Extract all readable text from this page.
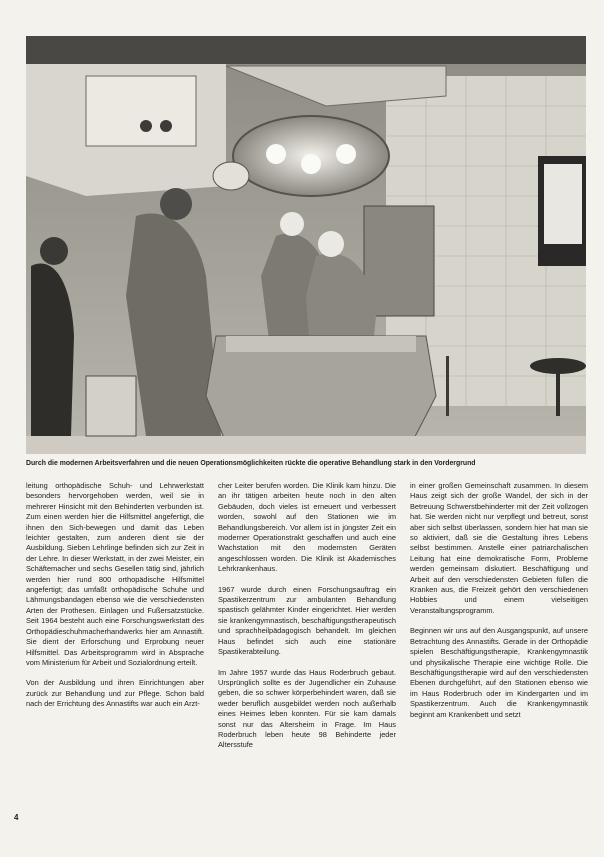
Durch die modernen Arbeitsverfahren und die neuen Operationsmöglichkeiten rückte die operative Behandlung stark in den Vordergrund

leitung orthopädische Schuh- und Lehrwerkstatt besonders hervorgehoben werden, weil sie in mehrerer Hinsicht mit den Behinderten verbunden ist. Zum einen werden hier die Hilfsmittel angefertigt, die ihnen den Sich-bewegen und damit das Leben leichter gestalten, zum anderen dient sie der Ausbildung. Sieben Lehrlinge befinden sich zur Zeit in der Lehre. In dieser Werkstatt, in der zwei Meister, ein Schäftemacher und sechs Gesellen tätig sind, jährlich werden hier rund 800 orthopädische Hilfsmittel angefertigt; das umfaßt orthopädische Schuhe und Lähmungsbandagen ebenso wie die verschiedensten Arten der Prothesen. Einlagen und Fußersatzstücke. Seit 1964 besteht auch eine Forschungswerkstatt des Orthopädieschuhmacherhandwerks hier am Annastift. Sie dient der Erforschung und Erprobung neuer Hilfsmittel. Das Arbeitsprogramm wird in Absprache vom Ministerium für Arbeit und Sozialordnung erteilt.

Von der Ausbildung und ihren Einrichtungen aber zurück zur Behandlung und zur Pflege. Schon bald nach der Errichtung des Annastifts war auch ein Arzt-

cher Leiter berufen worden. Die Klinik kam hinzu. Die an ihr tätigen arbeiten heute noch in den alten Gebäuden, doch vieles ist erneuert und verbessert worden, sowohl auf den Stationen wie im Behandlungsbereich. Vor allem ist in jüngster Zeit ein moderner Operationstrakt geschaffen und auch eine Wachstation mit den modernsten Geräten angeschlossen worden. Die Klinik ist Akademisches Lehrkrankenhaus.

1967 wurde durch einen Forschungsauftrag ein Spastikerzentrum zur ambulanten Behandlung spastisch gelähmter Kinder eingerichtet. Hier werden sie krankengymnastisch, beschäftigungstherapeutisch und sprachheilpädagogisch behandelt. Im gleichen Haus befindet sich auch eine stationäre Spastikerabteilung.

Im Jahre 1957 wurde das Haus Roderbruch gebaut. Ursprünglich sollte es der Jugendlicher ein Zuhause geben, die so schwer körperbehindert waren, daß sie weder beruflich ausgebildet werden noch außerhalb eines Heimes leben konnten. Für sie kam damals sonst nur das Altersheim in Frage. Im Haus Roderbruch leben heute 98 Behinderte jeder Altersstufe

in einer großen Gemeinschaft zusammen. In diesem Haus zeigt sich der große Wandel, der sich in der Betreuung Schwerstbehinderter mit der Zeit vollzogen hat. Sie werden nicht nur verpflegt und betreut, sonst aber sich selbst überlassen, sondern hier hat man sie so aktiviert, daß sie die Gestaltung ihres Lebens selbst bestimmen. Anstelle einer patriarchalischen Leitung hat eine demokratische Form, Probleme werden gemeinsam diskutiert. Beschäftigung und Arbeit auf den verschiedensten Gebieten füllen die Kranken aus, die Freizeit gehört den verschiedenen Hobbies und einem vielseitigen Veranstaltungsprogramm.

Beginnen wir uns auf den Ausgangspunkt, auf unsere Betrachtung des Annastifts. Gerade in der Orthopädie spielen Beschäftigungstherapie, Krankengymnastik und physikalische Therapie eine wichtige Rolle. Die Beschäftigungstherapie wird auf den verschiedensten Ebenen durchgeführt, auf den Stationen ebenso wie im Haus Roderbruch oder im Kindergarten und im Spastikerzentrum. Auch die Krankengymnastik beginnt am Krankenbett und setzt

4
